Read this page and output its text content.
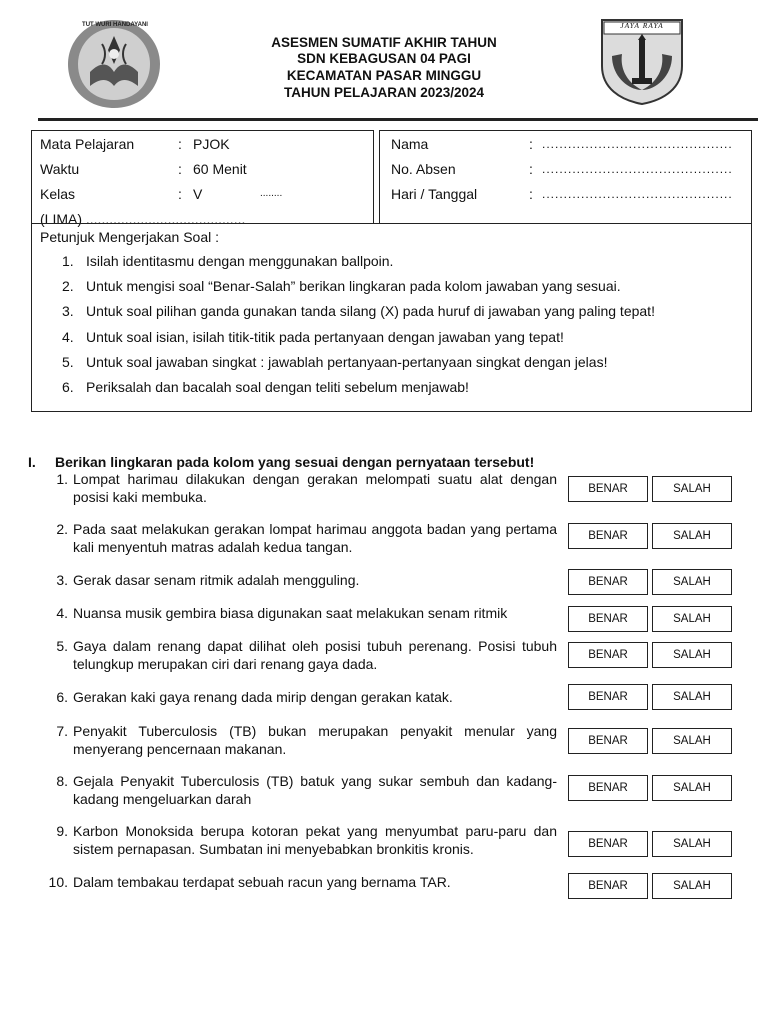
TUT WURI HANDAYANI
ASESMEN SUMATIF AKHIR TAHUN
SDN KEBAGUSAN 04 PAGI
KECAMATAN PASAR MINGGU
TAHUN PELAJARAN 2023/2024
JAYA RAYA
Mata Pelajaran	: PJOK
Waktu	: 60 Menit
Kelas	: V	........
(LIMA) .........................................
Nama	: ............................................
No. Absen	: ............................................
Hari / Tanggal	: ............................................
Petunjuk Mengerjakan Soal :
1. Isilah identitasmu dengan menggunakan ballpoin.
2. Untuk mengisi soal “Benar-Salah” berikan lingkaran pada kolom jawaban yang sesuai.
3. Untuk soal pilihan ganda gunakan tanda silang (X) pada huruf di jawaban yang paling tepat!
4. Untuk soal isian, isilah titik-titik pada pertanyaan dengan jawaban yang tepat!
5. Untuk soal jawaban singkat : jawablah pertanyaan-pertanyaan singkat dengan jelas!
6. Periksalah dan bacalah soal dengan teliti sebelum menjawab!
I. Berikan lingkaran pada kolom yang sesuai dengan pernyataan tersebut!
1. Lompat harimau dilakukan dengan gerakan melompati suatu alat dengan posisi kaki membuka.	BENAR	SALAH
2. Pada saat melakukan gerakan lompat harimau anggota badan yang pertama kali menyentuh matras adalah kedua tangan.
BENAR	SALAH
3. Gerak dasar senam ritmik adalah mengguling.	BENAR	SALAH
4. Nuansa musik gembira biasa digunakan saat melakukan senam ritmik	BENAR	SALAH
5. Gaya dalam renang dapat dilihat oleh posisi tubuh perenang. Posisi tubuh telungkup merupakan ciri dari renang gaya dada.
BENAR	SALAH
6. Gerakan kaki gaya renang dada mirip dengan gerakan katak.	BENAR	SALAH
7. Penyakit Tuberculosis (TB) bukan merupakan penyakit menular yang menyerang pencernaan makanan.	BENAR	SALAH
8. Gejala Penyakit Tuberculosis (TB) batuk yang sukar sembuh dan kadang-kadang mengeluarkan darah
BENAR	SALAH
9. Karbon Monoksida berupa kotoran pekat yang menyumbat paru-paru dan sistem pernapasan. Sumbatan ini menyebabkan bronkitis kronis.	BENAR	SALAH
10. Dalam tembakau terdapat sebuah racun yang bernama TAR.	BENAR	SALAH
